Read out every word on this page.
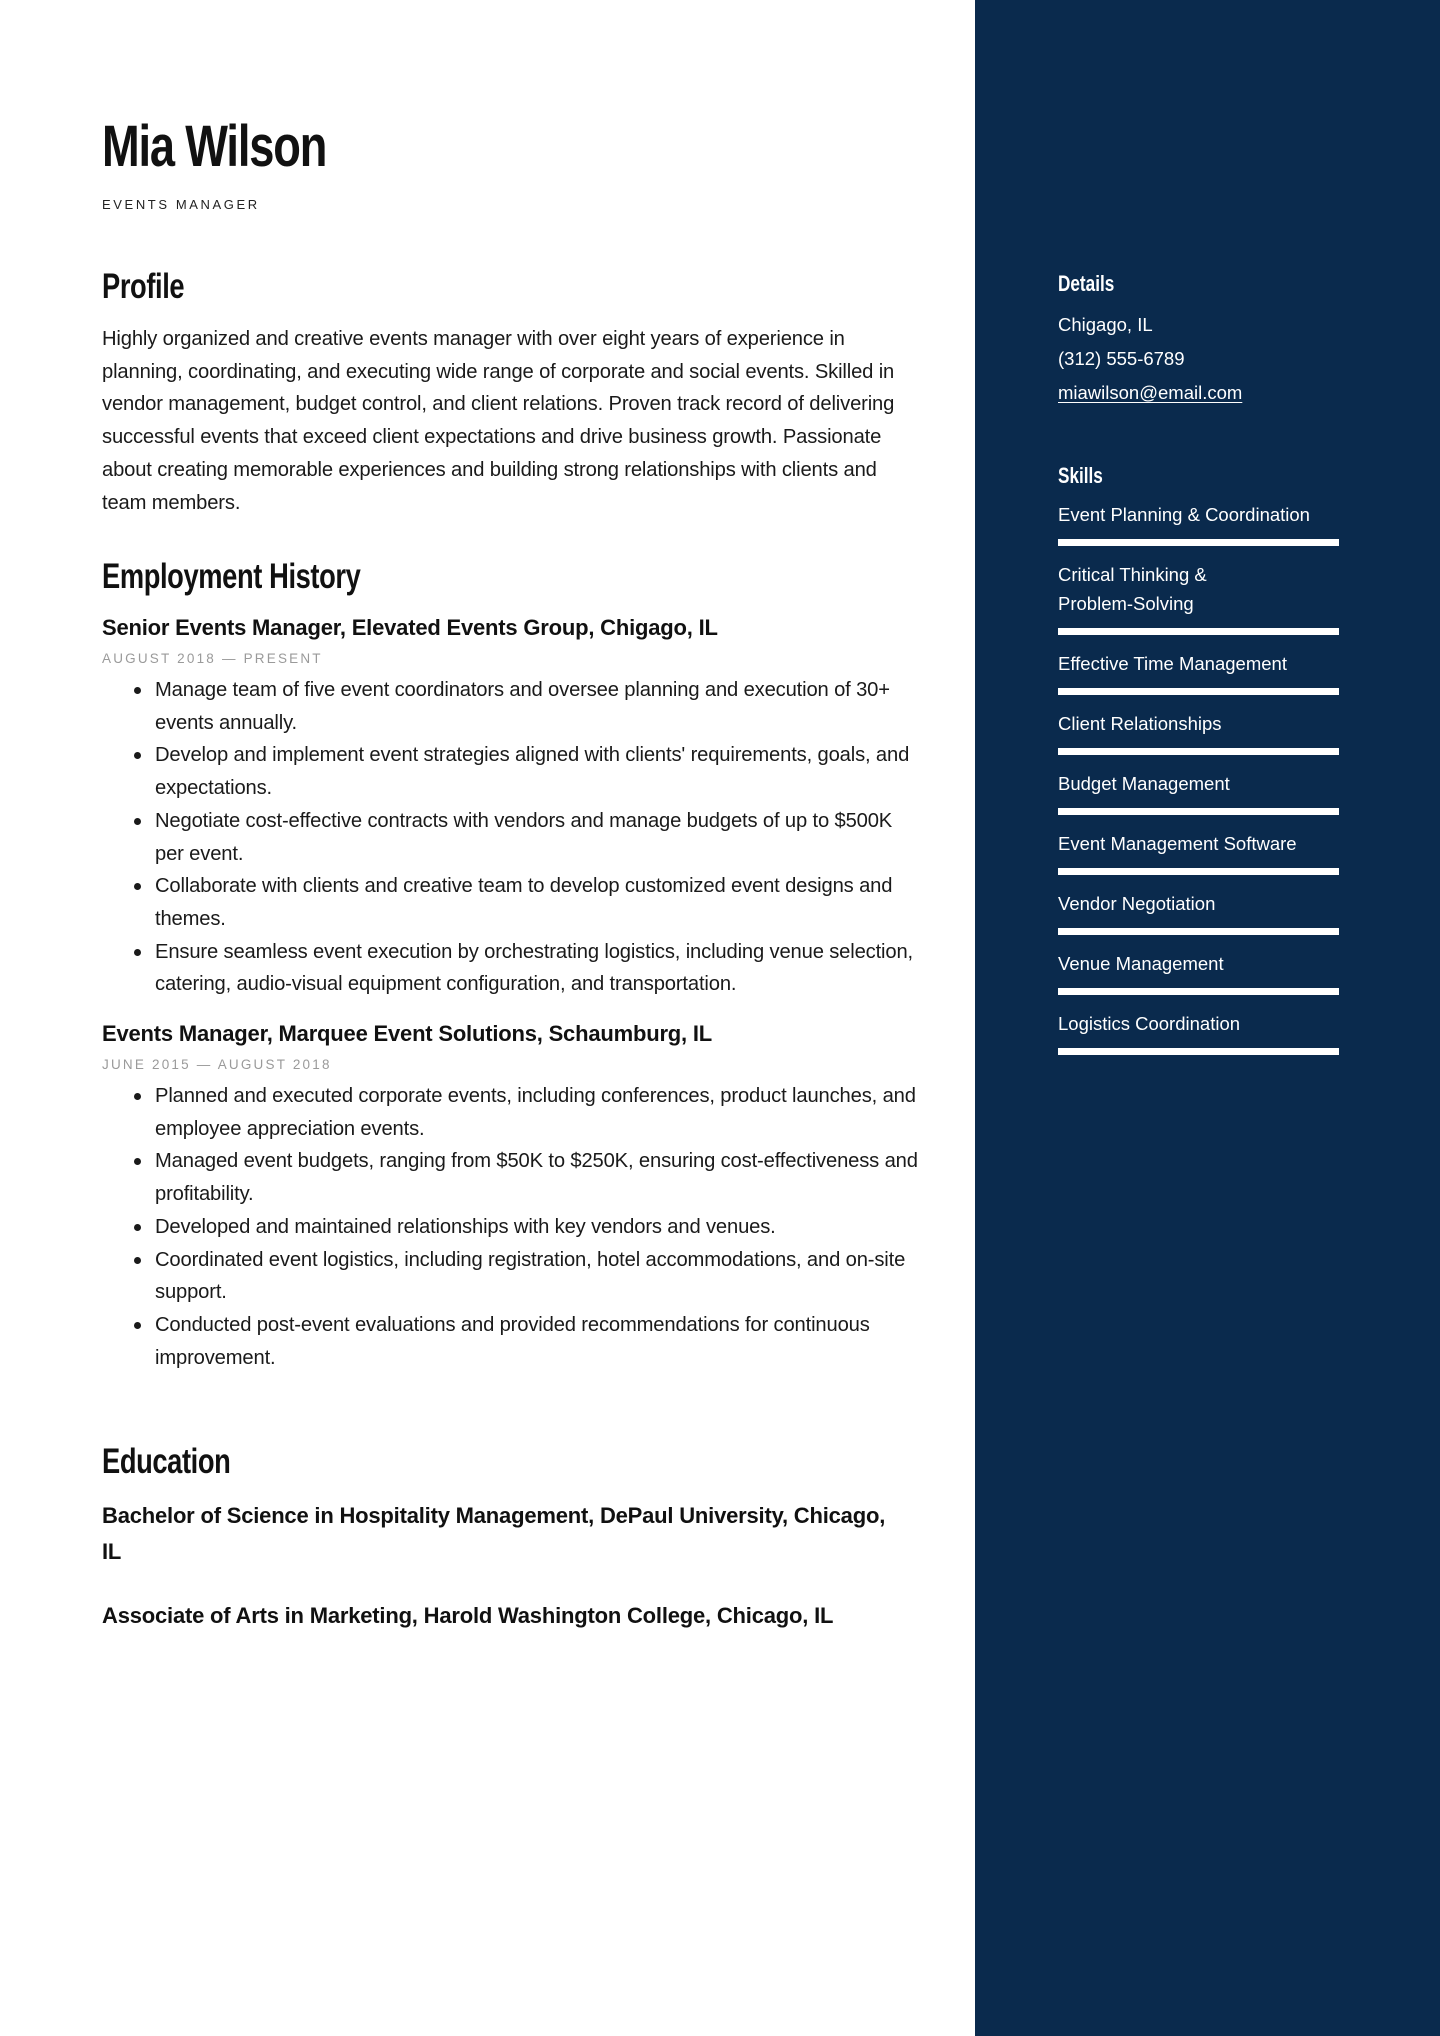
Mia Wilson
EVENTS MANAGER
Profile

Highly organized and creative events manager with over eight years of experience in planning, coordinating, and executing wide range of corporate and social events. Skilled in vendor management, budget control, and client relations. Proven track record of delivering successful events that exceed client expectations and drive business growth. Passionate about creating memorable experiences and building strong relationships with clients and team members.

Employment History
Senior Events Manager, Elevated Events Group, Chigago, IL
AUGUST 2018 — PRESENT
Manage team of five event coordinators and oversee planning and execution of 30+ events annually.
Develop and implement event strategies aligned with clients' requirements, goals, and expectations.
Negotiate cost-effective contracts with vendors and manage budgets of up to $500K per event.
Collaborate with clients and creative team to develop customized event designs and themes.
Ensure seamless event execution by orchestrating logistics, including venue selection, catering, audio-visual equipment configuration, and transportation.
Events Manager, Marquee Event Solutions, Schaumburg, IL
JUNE 2015 — AUGUST 2018
Planned and executed corporate events, including conferences, product launches, and employee appreciation events.
Managed event budgets, ranging from $50K to $250K, ensuring cost-effectiveness and profitability.
Developed and maintained relationships with key vendors and venues.
Coordinated event logistics, including registration, hotel accommodations, and on-site support.
Conducted post-event evaluations and provided recommendations for continuous improvement.
Education
Bachelor of Science in Hospitality Management, DePaul University, Chicago, IL
Associate of Arts in Marketing, Harold Washington College, Chicago, IL
Details
Chigago, IL
(312) 555-6789
miawilson@email.com
Skills
Event Planning & Coordination
Critical Thinking & Problem-Solving
Effective Time Management
Client Relationships
Budget Management
Event Management Software
Vendor Negotiation
Venue Management
Logistics Coordination
